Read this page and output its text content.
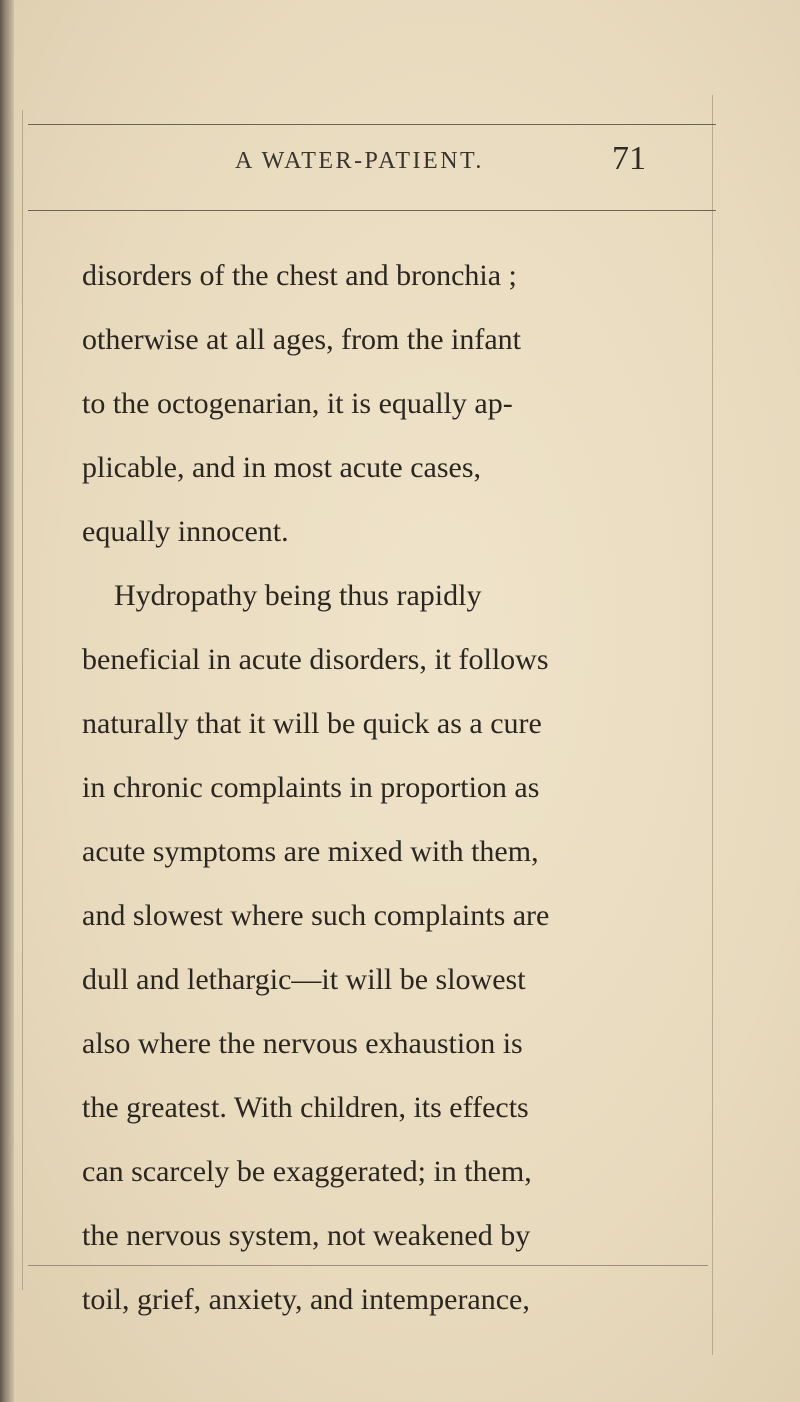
A WATER-PATIENT.	71
disorders of the chest and bronchia ;
otherwise at all ages, from the infant
to the octogenarian, it is equally ap-
plicable, and in most acute cases,
equally innocent.
Hydropathy being thus rapidly
beneficial in acute disorders, it follows
naturally that it will be quick as a cure
in chronic complaints in proportion as
acute symptoms are mixed with them,
and slowest where such complaints are
dull and lethargic—it will be slowest
also where the nervous exhaustion is
the greatest. With children, its effects
can scarcely be exaggerated; in them,
the nervous system, not weakened by
toil, grief, anxiety, and intemperance,
